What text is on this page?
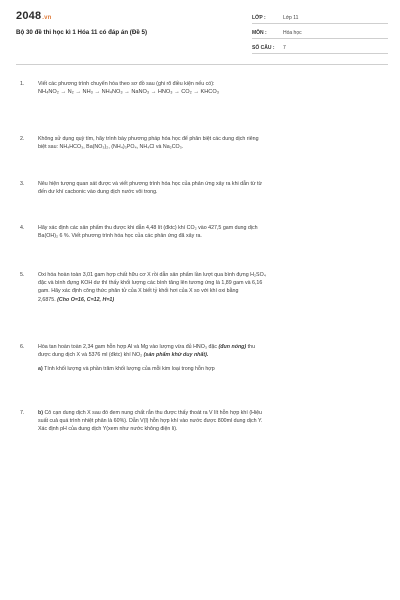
2048.vn
Bộ 30 đề thi học kì 1 Hóa 11 có đáp án (Đề 5)
LỚP :	Lớp 11
MÔN :	Hóa học
SỐ CÂU : 7
1.	Viết các phương trình chuyển hóa theo sơ đồ sau (ghi rõ điều kiện nếu có):

NH₄NO₂ → N₂ → NH₃ → NH₄NO₃ → NaNO₃ → HNO₃ → CO₂ → KHCO₃

2.	Không sử dụng quỳ tím, hãy trình bày phương pháp hóa học để phân biệt các dung dịch riêng

biệt sau: NH₄HCO₃, Ba(NO₃)₂, (NH₄)₃PO₄, NH₄Cl và Na₂CO₃.

3.	Nêu hiện tượng quan sát được và viết phương trình hóa học của phản ứng xảy ra khi dẫn từ từ

đến dư khí cacbonic vào dung dịch nước vôi trong.

4.	Hãy xác định các sản phẩm thu được khi dẫn 4,48 lít (đktc) khí CO₂ vào 427,5 gam dung dịch

Ba(OH)₂ 6 %. Viết phương trình hóa học của các phản ứng đã xảy ra.

5.	Oxi hóa hoàn toàn 3,01 gam hợp chất hữu cơ X rồi dẫn sản phẩm lần lượt qua bình đựng H₂SO₄

đặc và bình đựng KOH dư thì thấy khối lượng các bình tăng lên tương ứng là 1,89 gam và 6,16

gam. Hãy xác định công thức phân tử của X biết tỷ khối hơi của X so với khí oxi bằng

2,6875. (Cho O=16, C=12, H=1)

6.	Hòa tan hoàn toàn 2,34 gam hỗn hợp Al và Mg vào lượng vừa đủ HNO₃ đặc (đun nóng) thu

được dung dịch X và 5376 ml (đktc) khí NO₂ (sản phẩm khử duy nhất).

a) Tính khối lượng và phần trăm khối lượng của mỗi kim loại trong hỗn hợp

7.	b) Cô cạn dung dịch X sau đó đem nung chất rắn thu được thấy thoát ra V lít hỗn hợp khí (Hiệu

suất cuả quá trình nhiệt phân là 60%). Dẫn V(l) hỗn hợp khí vào nước được 800ml dung dịch Y.

Xác định pH của dung dịch Y(xem như nước không điện li).
